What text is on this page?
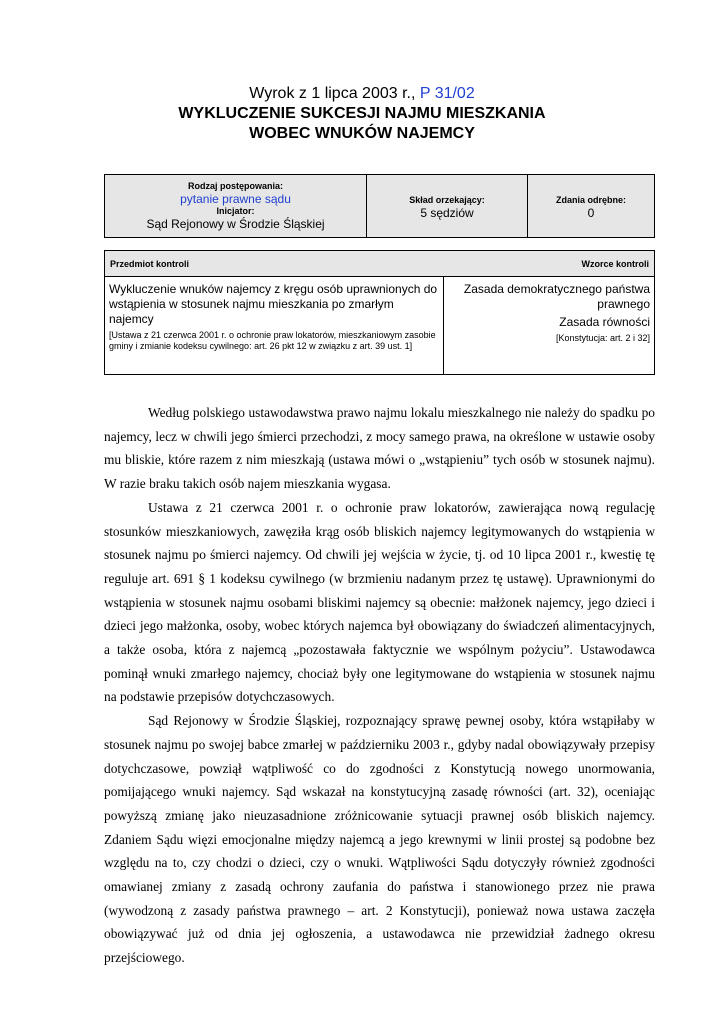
Wyrok z 1 lipca 2003 r., P 31/02
WYKLUCZENIE SUKCESJI NAJMU MIESZKANIA
WOBEC WNUKÓW NAJEMCY
Rodzaj postępowania:
pytanie prawne sądu
Inicjator:
Sąd Rejonowy w Środzie Śląskiej
Skład orzekający:
5 sędziów
Zdania odrębne:
0
Przedmiot kontroli	Wzorce kontroli
Wykluczenie wnuków najemcy z kręgu osób uprawnionych do wstąpienia w stosunek najmu mieszkania po zmarłym najemcy
[Ustawa z 21 czerwca 2001 r. o ochronie praw lokatorów, mieszkaniowym zasobie gminy i zmianie kodeksu cywilnego: art. 26 pkt 12 w związku z art. 39 ust. 1]
Zasada demokratycznego państwa prawnego
Zasada równości
[Konstytucja: art. 2 i 32]

Według polskiego ustawodawstwa prawo najmu lokalu mieszkalnego nie należy do spadku po najemcy, lecz w chwili jego śmierci przechodzi, z mocy samego prawa, na określone w ustawie osoby mu bliskie, które razem z nim mieszkają (ustawa mówi o „wstąpieniu” tych osób w stosunek najmu). W razie braku takich osób najem mieszkania wygasa.

Ustawa z 21 czerwca 2001 r. o ochronie praw lokatorów, zawierająca nową regulację stosunków mieszkaniowych, zawęziła krąg osób bliskich najemcy legitymowanych do wstąpienia w stosunek najmu po śmierci najemcy. Od chwili jej wejścia w życie, tj. od 10 lipca 2001 r., kwestię tę reguluje art. 691 § 1 kodeksu cywilnego (w brzmieniu nadanym przez tę ustawę). Uprawnionymi do wstąpienia w stosunek najmu osobami bliskimi najemcy są obecnie: małżonek najemcy, jego dzieci i dzieci jego małżonka, osoby, wobec których najemca był obowiązany do świadczeń alimentacyjnych, a także osoba, która z najemcą „pozostawała faktycznie we wspólnym pożyciu”. Ustawodawca pominął wnuki zmarłego najemcy, chociaż były one legitymowane do wstąpienia w stosunek najmu na podstawie przepisów dotychczasowych.

Sąd Rejonowy w Środzie Śląskiej, rozpoznający sprawę pewnej osoby, która wstąpiłaby w stosunek najmu po swojej babce zmarłej w październiku 2003 r., gdyby nadal obowiązywały przepisy dotychczasowe, powziął wątpliwość co do zgodności z Konstytucją nowego unormowania, pomijającego wnuki najemcy. Sąd wskazał na konstytucyjną zasadę równości (art. 32), oceniając powyższą zmianę jako nieuzasadnione zróżnicowanie sytuacji prawnej osób bliskich najemcy. Zdaniem Sądu więzi emocjonalne między najemcą a jego krewnymi w linii prostej są podobne bez względu na to, czy chodzi o dzieci, czy o wnuki. Wątpliwości Sądu dotyczyły również zgodności omawianej zmiany z zasadą ochrony zaufania do państwa i stanowionego przez nie prawa (wywodzoną z zasady państwa prawnego – art. 2 Konstytucji), ponieważ nowa ustawa zaczęła obowiązywać już od dnia jej ogłoszenia, a ustawodawca nie przewidział żadnego okresu przejściowego.
